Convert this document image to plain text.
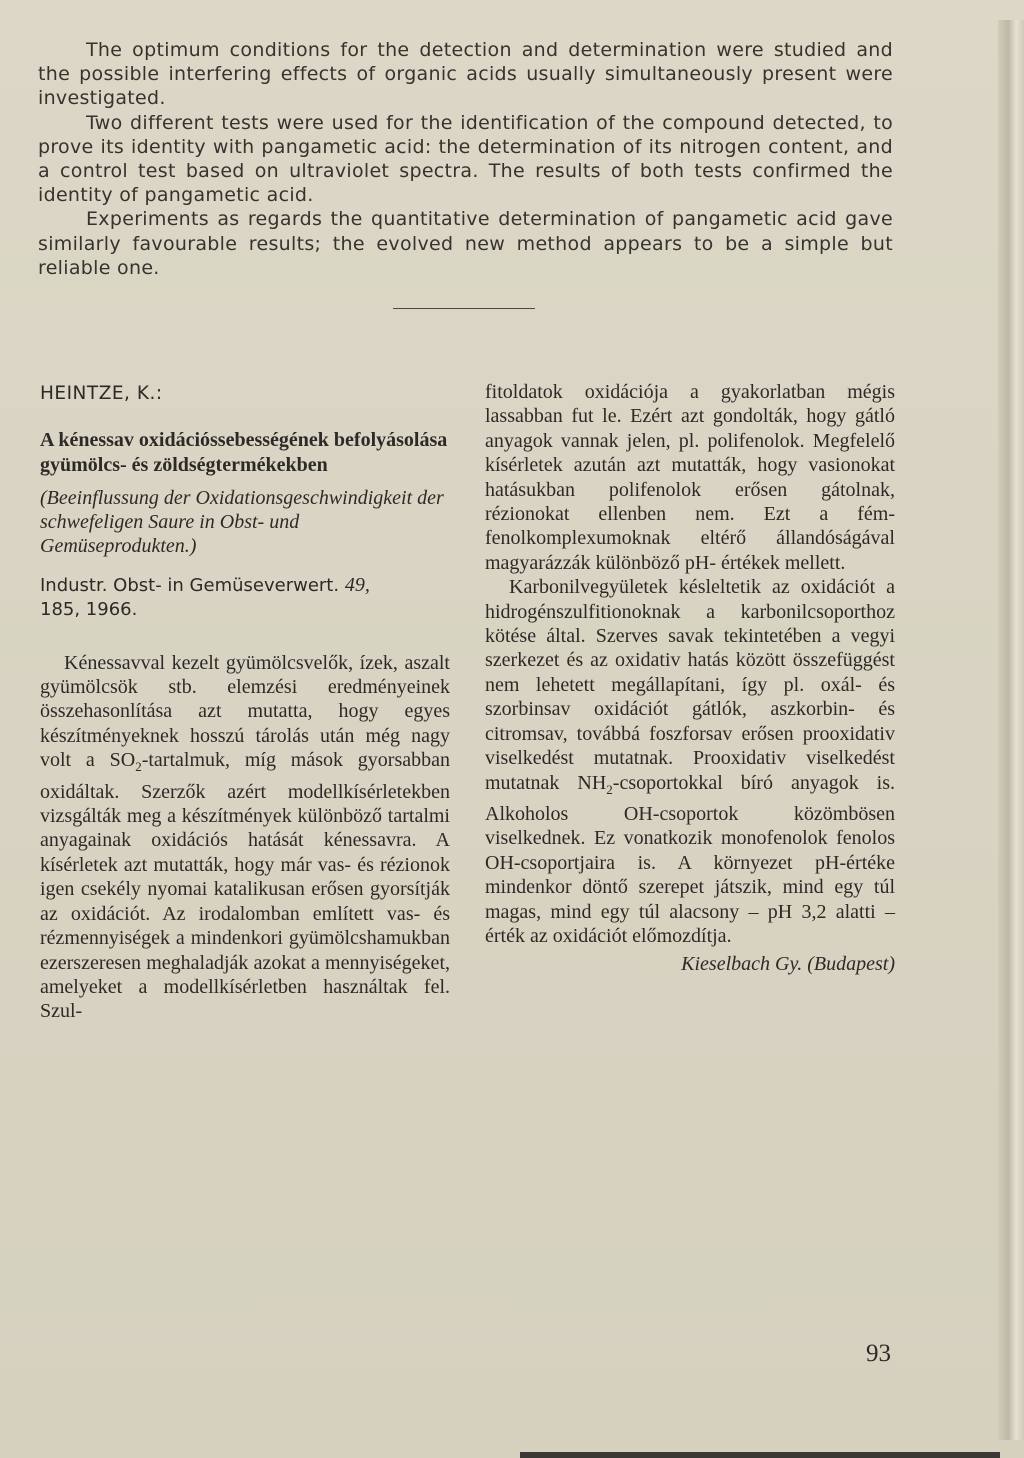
The optimum conditions for the detection and determination were studied and the possible interfering effects of organic acids usually simultaneously present were investigated.

Two different tests were used for the identification of the compound detected, to prove its identity with pangametic acid: the determination of its nitrogen content, and a control test based on ultraviolet spectra. The results of both tests confirmed the identity of pangametic acid.

Experiments as regards the quantitative determination of pangametic acid gave similarly favourable results; the evolved new method appears to be a simple but reliable one.

HEINTZE, K.:

A kénessav oxidációssebességének befolyásolása gyümölcs- és zöldségtermékekben

(Beeinflussung der Oxidationsgeschwindigkeit der schwefeligen Saure in Obst- und Gemüseprodukten.)

Industr. Obst- in Gemüseverwert. 49,
185, 1966.

Kénessavval kezelt gyümölcsvelők, ízek, aszalt gyümölcsök stb. elemzési eredményeinek összehasonlítása azt mutatta, hogy egyes készítményeknek hosszú tárolás után még nagy volt a $SO_2$-tartalmuk, míg mások gyorsabban oxidáltak. Szerzők azért modellkísérletekben vizsgálták meg a készítmények különböző tartalmi anyagainak oxidációs hatását kénessavra. A kísérletek azt mutatták, hogy már vas- és rézionok igen csekély nyomai katalikusan erősen gyorsítják az oxidációt. Az irodalomban említett vas- és rézmennyiségek a mindenkori gyümölcshamukban ezerszeresen meghaladják azokat a mennyiségeket, amelyeket a modellkísérletben használtak fel. Szul-

fitoldatok oxidációja a gyakorlatban mégis lassabban fut le. Ezért azt gondolták, hogy gátló anyagok vannak jelen, pl. polifenolok. Megfelelő kísérletek azután azt mutatták, hogy vasionokat hatásukban polifenolok erősen gátolnak, rézionokat ellenben nem. Ezt a fém-fenolkomplexumoknak eltérő állandóságával magyarázzák különböző pH- értékek mellett.

Karbonilvegyületek késleltetik az oxidációt a hidrogénszulfitionoknak a karbonilcsoporthoz kötése által. Szerves savak tekintetében a vegyi szerkezet és az oxidativ hatás között összefüggést nem lehetett megállapítani, így pl. oxál- és szorbinsav oxidációt gátlók, aszkorbin- és citromsav, továbbá foszforsav erősen prooxidativ viselkedést mutatnak. Prooxidativ viselkedést mutatnak $NH_2$-csoportokkal bíró anyagok is. Alkoholos OH-csoportok közömbösen viselkednek. Ez vonatkozik monofenolok fenolos OH-csoportjaira is. A környezet pH-értéke mindenkor döntő szerepet játszik, mind egy túl magas, mind egy túl alacsony – pH 3,2 alatti – érték az oxidációt előmozdítja.

Kieselbach Gy. (Budapest)

93
